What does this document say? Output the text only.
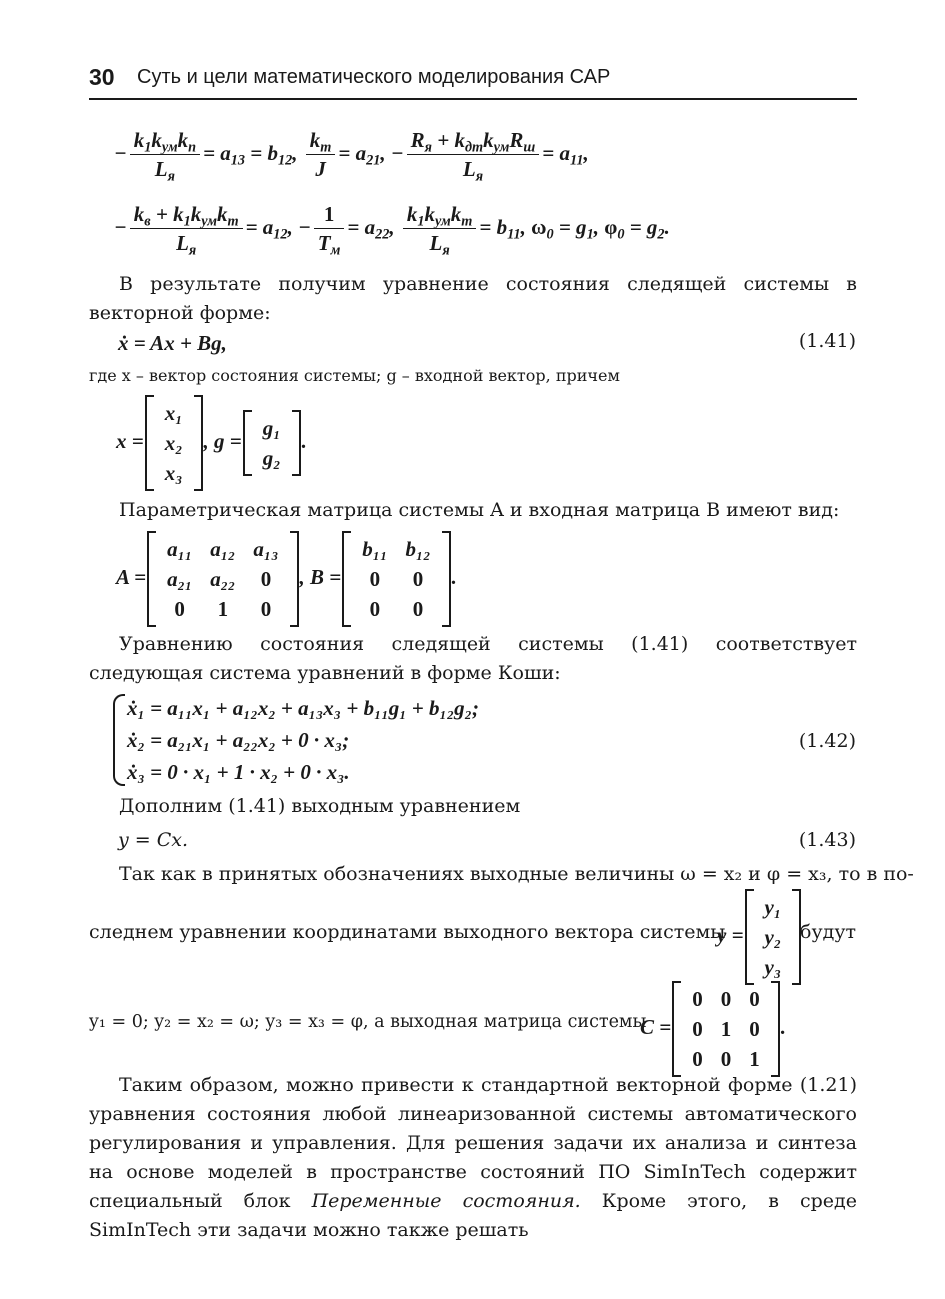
30 Суть и цели математического моделирования САР
− $\frac{k_1k_{ум}k_п}{L_я} = a_{13} = b_{12}$, $\frac{k_т}{J} = a_{21}$, − $\frac{R_я + k_{дт}k_{ум}R_ш}{L_я} = a_{11}$,
− $\frac{k_в + k_1k_{ум}k_т}{L_я} = a_{12}$, − $\frac{1}{T_м} = a_{22}$, $\frac{k_1k_{ум}k_т}{L_я} = b_{11}$, $\omega_0 = g_1$, $\varphi_0 = g_2$.
В результате получим уравнение состояния следящей системы в векторной форме:
ẋ = Ax + Bg,	(1.41)
где x – вектор состояния системы; g – входной вектор, причем
x =
x₁
x₂
x₃
, g =
g₁
g₂
.
Параметрическая матрица системы A и входная матрица B имеют вид:
A =
a₁₁	a₁₂	a₁₃
a₂₁	a₂₂	0
0	1	0
, B =
b₁₁	b₁₂
0	0
0	0
.
Уравнению состояния следящей системы (1.41) соответствует следующая система уравнений в форме Коши:
ẋ₁ = a₁₁x₁ + a₁₂x₂ + a₁₃x₃ + b₁₁g₁ + b₁₂g₂;
ẋ₂ = a₂₁x₁ + a₂₂x₂ + 0 · x₃;
ẋ₃ = 0 · x₁ + 1 · x₂ + 0 · x₃.
(1.42)
Дополним (1.41) выходным уравнением
y = Cx.	(1.43)
Так как в принятых обозначениях выходные величины ω = x₂ и φ = x₃, то в по-
следнем уравнении координатами выходного вектора системы
y =
y₁
y₂
y₃
будут
y₁ = 0; y₂ = x₂ = ω; y₃ = x₃ = φ, а выходная матрица системы
C =
0	0	0
0	1	0
0	0	1
.
Таким образом, можно привести к стандартной векторной форме (1.21) уравнения состояния любой линеаризованной системы автоматического регулирования и управления. Для решения задачи их анализа и синтеза на основе моделей в пространстве состояний ПО SimInTech содержит специальный блок Переменные состояния. Кроме этого, в среде SimInTech эти задачи можно также решать
